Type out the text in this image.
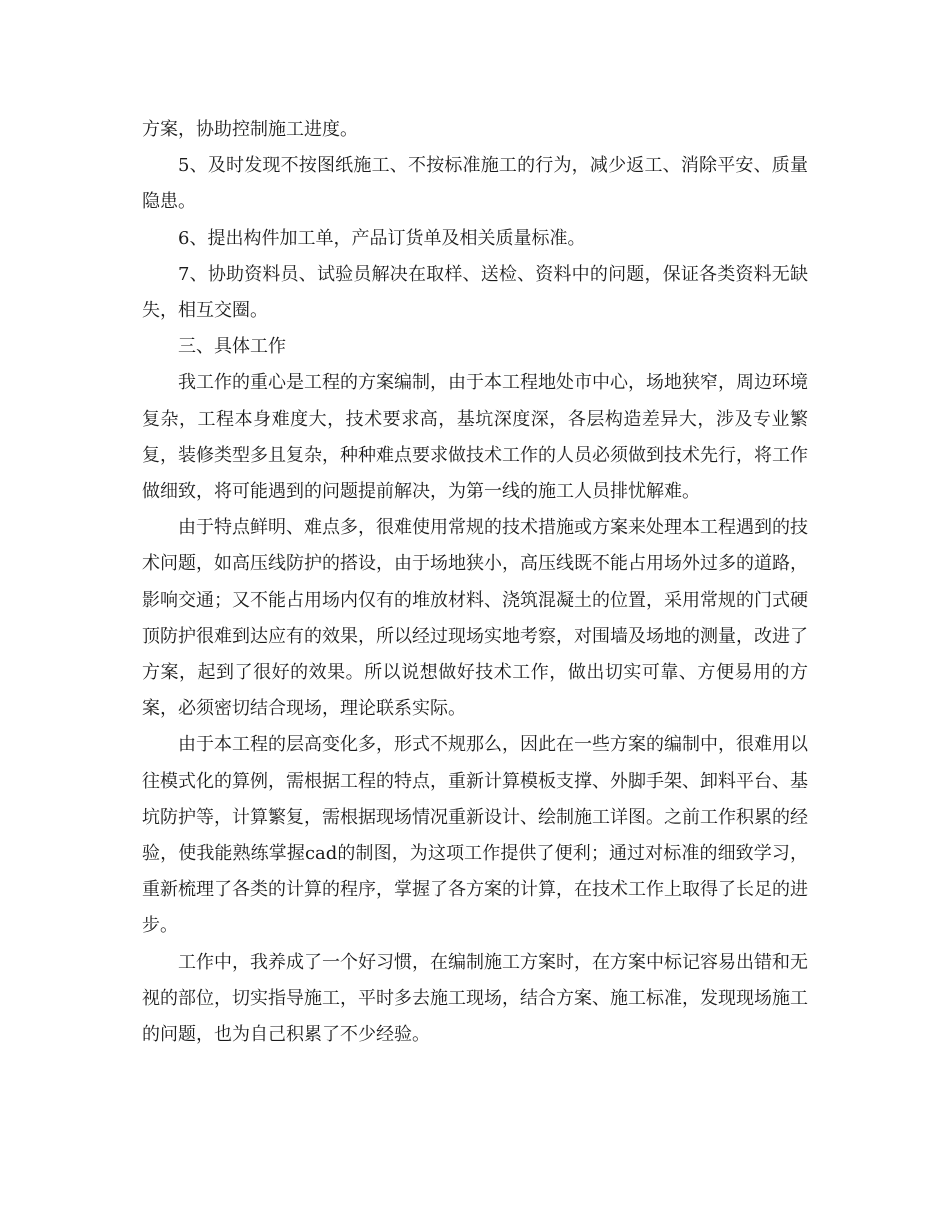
方案，协助控制施工进度。

5、及时发现不按图纸施工、不按标准施工的行为，减少返工、消除平安、质量隐患。

6、提出构件加工单，产品订货单及相关质量标准。

7、协助资料员、试验员解决在取样、送检、资料中的问题，保证各类资料无缺失，相互交圈。

三、具体工作

我工作的重心是工程的方案编制，由于本工程地处市中心，场地狭窄，周边环境复杂，工程本身难度大，技术要求高，基坑深度深，各层构造差异大，涉及专业繁复，装修类型多且复杂，种种难点要求做技术工作的人员必须做到技术先行，将工作做细致，将可能遇到的问题提前解决，为第一线的施工人员排忧解难。

由于特点鲜明、难点多，很难使用常规的技术措施或方案来处理本工程遇到的技术问题，如高压线防护的搭设，由于场地狭小，高压线既不能占用场外过多的道路，影响交通；又不能占用场内仅有的堆放材料、浇筑混凝土的位置，采用常规的门式硬顶防护很难到达应有的效果，所以经过现场实地考察，对围墙及场地的测量，改进了方案，起到了很好的效果。所以说想做好技术工作，做出切实可靠、方便易用的方案，必须密切结合现场，理论联系实际。

由于本工程的层高变化多，形式不规那么，因此在一些方案的编制中，很难用以往模式化的算例，需根据工程的特点，重新计算模板支撑、外脚手架、卸料平台、基坑防护等，计算繁复，需根据现场情况重新设计、绘制施工详图。之前工作积累的经验，使我能熟练掌握cad的制图，为这项工作提供了便利；通过对标准的细致学习，重新梳理了各类的计算的程序，掌握了各方案的计算，在技术工作上取得了长足的进步。

工作中，我养成了一个好习惯，在编制施工方案时，在方案中标记容易出错和无视的部位，切实指导施工，平时多去施工现场，结合方案、施工标准，发现现场施工的问题，也为自己积累了不少经验。
